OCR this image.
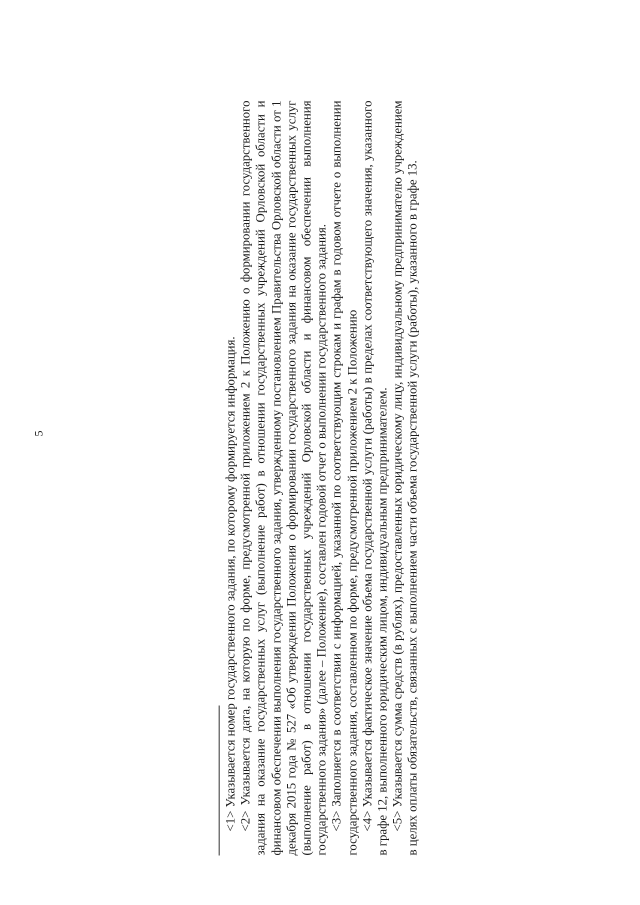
5	<1> Указывается номер государственного задания, по которому формируется информация. <2> Указывается дата, на которую по форме, предусмотренной приложением 2 к Положению о формировании государственного задания на оказание государственных услуг (выполнение работ) в отношении государственных учреждений Орловской области и финансовом обеспечении выполнения государственного задания, утвержденному постановлением Правительства Орловской области от 1 декабря 2015 года № 527 «Об утверждении Положения о формировании государственного задания на оказание государственных услуг (выполнение работ) в отношении государственных учреждений Орловской области и финансовом обеспечении выполнения государственного задания» (далее – Положение), составлен годовой отчет о выполнении государственного задания. <3> Заполняется в соответствии с информацией, указанной по соответствующим строкам и графам в годовом отчете о выполнении государственного задания, составленном по форме, предусмотренной приложением 2 к Положению <4> Указывается фактическое значение объема государственной услуги (работы) в пределах соответствующего значения, указанного в графе 12, выполненного юридическим лицом, индивидуальным предпринимателем. <5> Указывается сумма средств (в рублях), предоставленных юридическому лицу, индивидуальному предпринимателю учреждением в целях оплаты обязательств, связанных с выполнением части объема государственной услуги (работы), указанного в графе 13.
